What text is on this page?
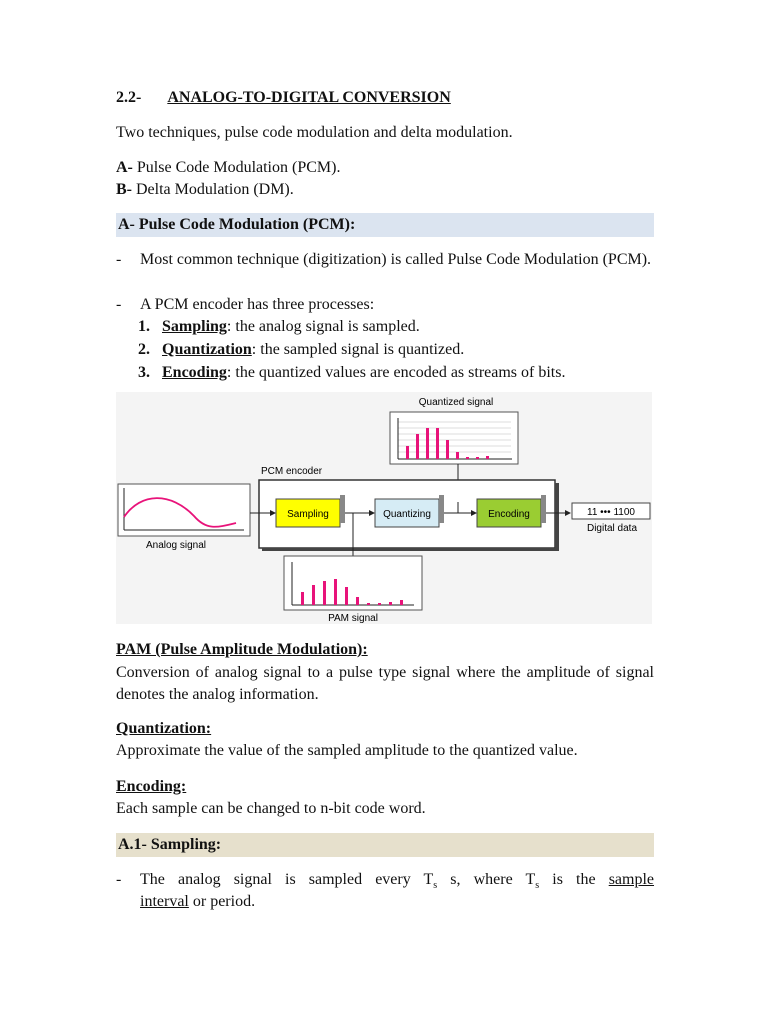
2.2- ANALOG-TO-DIGITAL CONVERSION
Two techniques, pulse code modulation and delta modulation.
A- Pulse Code Modulation (PCM).
B- Delta Modulation (DM).
A- Pulse Code Modulation (PCM):
- Most common technique (digitization) is called Pulse Code Modulation (PCM).
- A PCM encoder has three processes:
1. Sampling: the analog signal is sampled.
2. Quantization: the sampled signal is quantized.
3. Encoding: the quantized values are encoded as streams of bits.
Quantized signal
PCM encoder
Analog signal
Sampling	Quantizing	Encoding	11 ••• 1100
Digital data
PAM signal
PAM (Pulse Amplitude Modulation):
Conversion of analog signal to a pulse type signal where the amplitude of signal denotes the analog information.
Quantization:
Approximate the value of the sampled amplitude to the quantized value.
Encoding:
Each sample can be changed to n-bit code word.
A.1- Sampling:
- The analog signal is sampled every $T_s$ s, where $T_s$ is the sample
interval or period.
